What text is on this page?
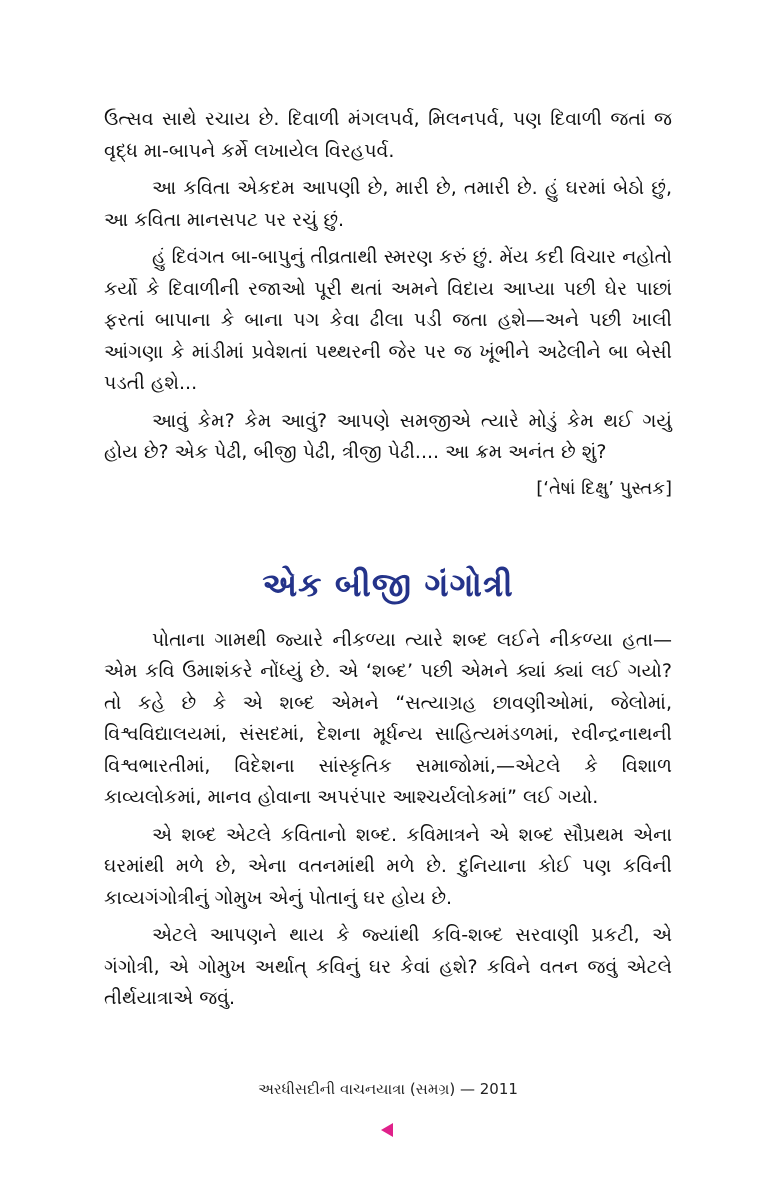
ઉત્સવ સાથે રચાય છે. દિવાળી મંગલપર્વ, મિલનપર્વ, પણ દિવાળી જતાં જ વૃદ્ધ મા-બાપને કર્મે લખાયેલ વિરહપર્વ.

આ કવિતા એકદમ આપણી છે, મારી છે, તમારી છે. હું ઘરમાં બેઠો છું, આ કવિતા માનસપટ પર રચું છું.

હું દિવંગત બા-બાપુનું તીવ્રતાથી સ્મરણ કરું છું. મેંય કદી વિચાર નહોતો કર્યો કે દિવાળીની રજાઓ પૂરી થતાં અમને વિદાય આપ્યા પછી ઘેર પાછાં ફરતાં બાપાના કે બાના પગ કેવા ઢીલા પડી જતા હશે—અને પછી ખાલી આંગણા કે માંડીમાં પ્રવેશતાં પથ્થરની જેર પર જ ખૂંભીને અઢેલીને બા બેસી પડતી હશે...

આવું કેમ? કેમ આવું? આપણે સમજીએ ત્યારે મોડું કેમ થઈ ગયું હોય છે? એક પેઢી, બીજી પેઢી, ત્રીજી પેઢી.... આ ક્રમ અનંત છે શું?

[‘તેષાં દિક્ષુ’ પુસ્તક]
એક બીજી ગંગોત્રી

પોતાના ગામથી જ્યારે નીકળ્યા ત્યારે શબ્દ લઈને નીકળ્યા હતા—એમ કવિ ઉમાશંકરે નોંધ્યું છે. એ ‘શબ્દ’ પછી એમને ક્યાં ક્યાં લઈ ગયો? તો કહે છે કે એ શબ્દ એમને “સત્યાગ્રહ છાવણીઓમાં, જેલોમાં, વિશ્વવિદ્યાલયમાં, સંસદમાં, દેશના મૂર્ધન્ય સાહિત્યમંડળમાં, રવીન્દ્રનાથની વિશ્વભારતીમાં, વિદેશના સાંસ્કૃતિક સમાજોમાં,—એટલે કે વિશાળ કાવ્યલોકમાં, માનવ હોવાના અપરંપાર આશ્ચર્યલોકમાં” લઈ ગયો.

એ શબ્દ એટલે કવિતાનો શબ્દ. કવિમાત્રને એ શબ્દ સૌપ્રથમ એના ઘરમાંથી મળે છે, એના વતનમાંથી મળે છે. દુનિયાના કોઈ પણ કવિની કાવ્યગંગોત્રીનું ગોમુખ એનું પોતાનું ઘર હોય છે.

એટલે આપણને થાય કે જ્યાંથી કવિ-શબ્દ સરવાણી પ્રકટી, એ ગંગોત્રી, એ ગોમુખ અર્થાત્ કવિનું ઘર કેવાં હશે? કવિને વતન જવું એટલે તીર્થયાત્રાએ જવું.

અરધીસદીની વાચનયાત્રા (સમગ્ર) — 2011
